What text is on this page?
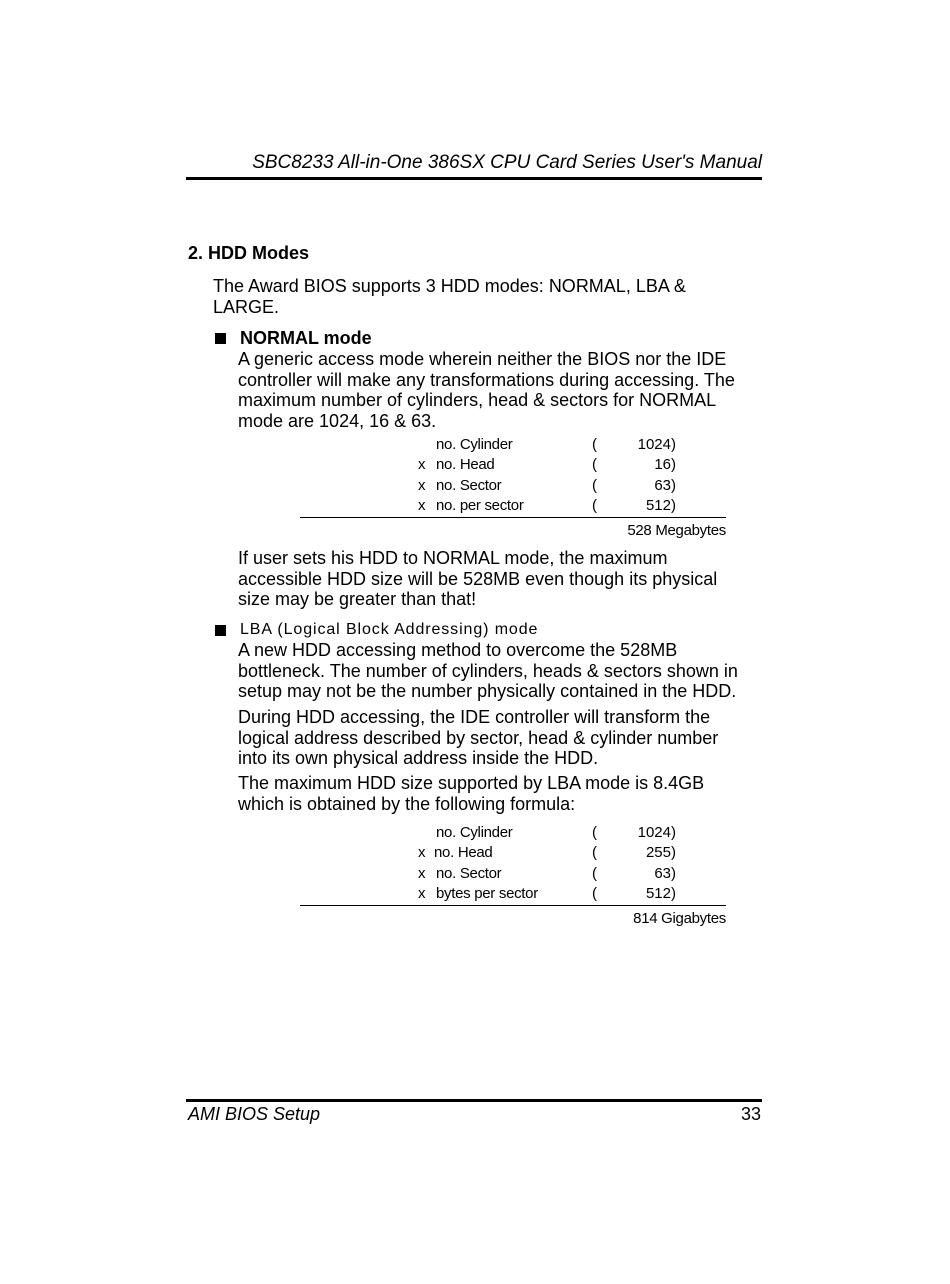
SBC8233 All-in-One 386SX CPU Card Series User's Manual
2. HDD Modes
The Award BIOS supports 3 HDD modes: NORMAL, LBA & LARGE.
NORMAL mode
A generic access mode wherein neither the BIOS nor the IDE controller will make any transformations during accessing. The maximum number of cylinders, head & sectors for NORMAL mode are 1024, 16 & 63.
no. Cylinder	(	1024)
x no. Head	(	16)
x no. Sector	(	63)
x no. per sector	(	512)
528 Megabytes
If user sets his HDD to NORMAL mode, the maximum accessible HDD size will be 528MB even though its physical size may be greater than that!
LBA (Logical Block Addressing) mode
A new HDD accessing method to overcome the 528MB bottleneck. The number of cylinders, heads & sectors shown in setup may not be the number physically contained in the HDD.
During HDD accessing, the IDE controller will transform the logical address described by sector, head & cylinder number into its own physical address inside the HDD.
The maximum HDD size supported by LBA mode is 8.4GB which is obtained by the following formula:
no. Cylinder	(	1024)
x no. Head	(	255)
x no. Sector	(	63)
x bytes per sector	(	512)
814 Gigabytes
AMI BIOS Setup	33
